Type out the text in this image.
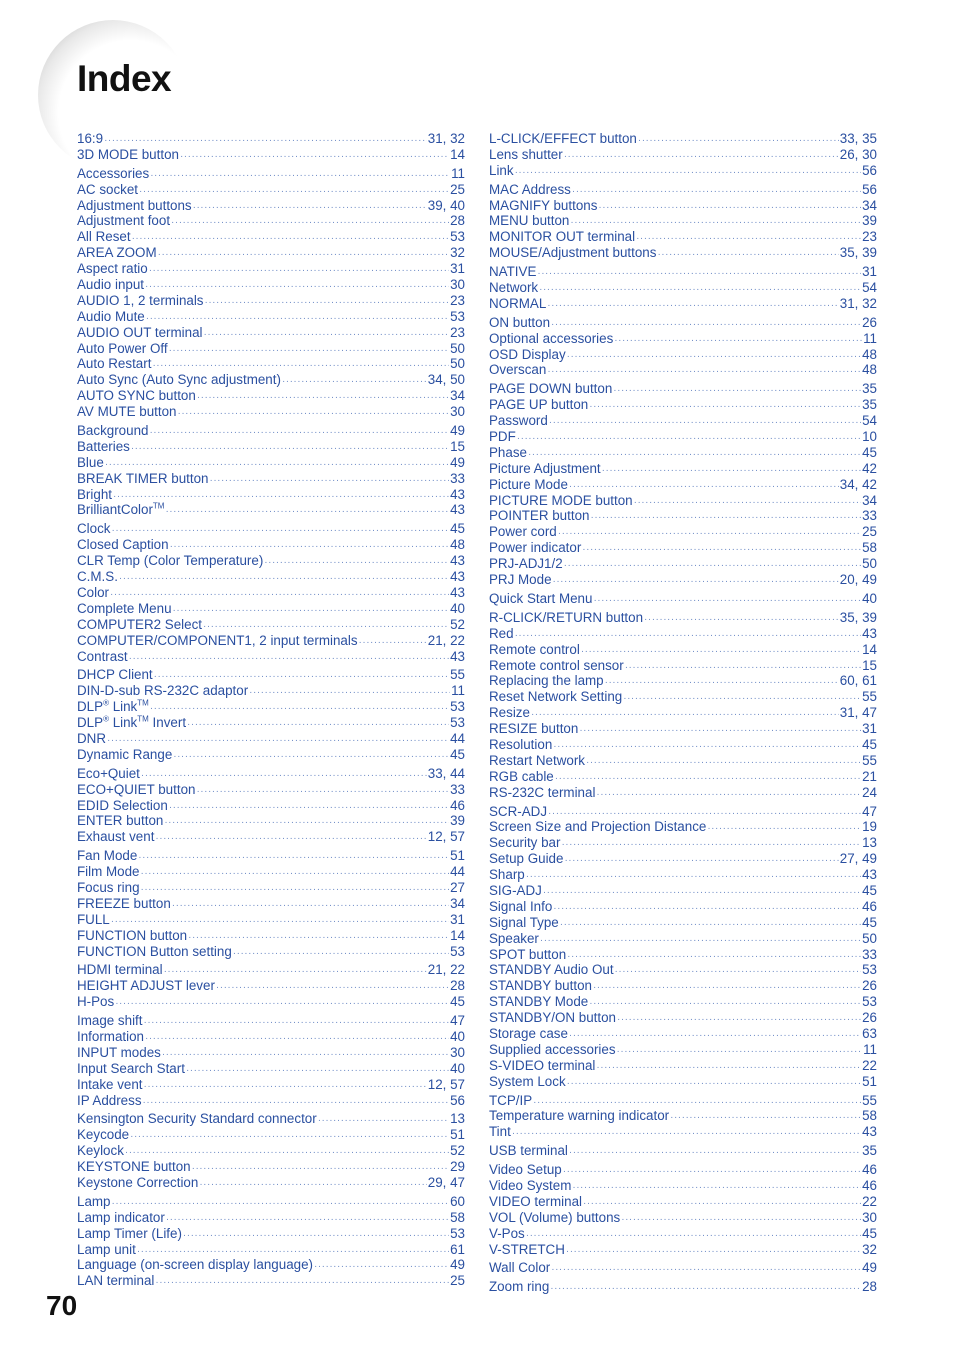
Index
16:9 ·····	31, 32
3D MODE button ·····	14
Accessories ·····	11
AC socket ·····	25
Adjustment buttons ·····	39, 40
Adjustment foot ·····	28
All Reset ·····	53
AREA ZOOM ·····	32
Aspect ratio ·····	31
Audio input ·····	30
AUDIO 1, 2 terminals ·····	23
Audio Mute ·····	53
AUDIO OUT terminal ·····	23
Auto Power Off ·····	50
Auto Restart ·····	50
Auto Sync (Auto Sync adjustment) ·····	34, 50
AUTO SYNC button ·····	34
AV MUTE button ·····	30
Background ·····	49
Batteries ·····	15
Blue ·····	49
BREAK TIMER button ·····	33
Bright ·····	43
BrilliantColor™ ·····	43
Clock ·····	45
Closed Caption ·····	48
CLR Temp (Color Temperature) ·····	43
C.M.S. ·····	43
Color ·····	43
Complete Menu ·····	40
COMPUTER2 Select ·····	52
COMPUTER/COMPONENT1, 2 input terminals ·····	21, 22
Contrast ·····	43
DHCP Client ·····	55
DIN-D-sub RS-232C adaptor ·····	11
DLP® Link™ ·····	53
DLP® Link™ Invert ·····	53
DNR ·····	44
Dynamic Range ·····	45
Eco+Quiet ·····	33, 44
ECO+QUIET button ·····	33
EDID Selection ·····	46
ENTER button ·····	39
Exhaust vent ·····	12, 57
Fan Mode ·····	51
Film Mode ·····	44
Focus ring ·····	27
FREEZE button ·····	34
FULL ·····	31
FUNCTION button ·····	14
FUNCTION Button setting ·····	53
HDMI terminal ·····	21, 22
HEIGHT ADJUST lever ·····	28
H-Pos ·····	45
Image shift ·····	47
Information ·····	40
INPUT modes ·····	30
Input Search Start ·····	40
Intake vent ·····	12, 57
IP Address ·····	56
Kensington Security Standard connector ·····	13
Keycode ·····	51
Keylock ·····	52
KEYSTONE button ·····	29
Keystone Correction ·····	29, 47
Lamp ·····	60
Lamp indicator ·····	58
Lamp Timer (Life) ·····	53
Lamp unit ·····	61
Language (on-screen display language) ·····	49
LAN terminal ·····	25
L-CLICK/EFFECT button ·····	33, 35
Lens shutter ·····	26, 30
Link ·····	56
MAC Address ·····	56
MAGNIFY buttons ·····	34
MENU button ·····	39
MONITOR OUT terminal ·····	23
MOUSE/Adjustment buttons ·····	35, 39
NATIVE ·····	31
Network ·····	54
NORMAL ·····	31, 32
ON button ·····	26
Optional accessories ·····	11
OSD Display ·····	48
Overscan ·····	48
PAGE DOWN button ·····	35
PAGE UP button ·····	35
Password ·····	54
PDF ·····	10
Phase ·····	45
Picture Adjustment ·····	42
Picture Mode ·····	34, 42
PICTURE MODE button ·····	34
POINTER button ·····	33
Power cord ·····	25
Power indicator ·····	58
PRJ-ADJ1/2 ·····	50
PRJ Mode ·····	20, 49
Quick Start Menu ·····	40
R-CLICK/RETURN button ·····	35, 39
Red ·····	43
Remote control ·····	14
Remote control sensor ·····	15
Replacing the lamp ·····	60, 61
Reset Network Setting ·····	55
Resize ·····	31, 47
RESIZE button ·····	31
Resolution ·····	45
Restart Network ·····	55
RGB cable ·····	21
RS-232C terminal ·····	24
SCR-ADJ ·····	47
Screen Size and Projection Distance ·····	19
Security bar ·····	13
Setup Guide ·····	27, 49
Sharp ·····	43
SIG-ADJ ·····	45
Signal Info ·····	46
Signal Type ·····	45
Speaker ·····	50
SPOT button ·····	33
STANDBY Audio Out ·····	53
STANDBY button ·····	26
STANDBY Mode ·····	53
STANDBY/ON button ·····	26
Storage case ·····	63
Supplied accessories ·····	11
S-VIDEO terminal ·····	22
System Lock ·····	51
TCP/IP ·····	55
Temperature warning indicator ·····	58
Tint ·····	43
USB terminal ·····	35
Video Setup ·····	46
Video System ·····	46
VIDEO terminal ·····	22
VOL (Volume) buttons ·····	30
V-Pos ·····	45
V-STRETCH ·····	32
Wall Color ·····	49
Zoom ring ·····	28
70
